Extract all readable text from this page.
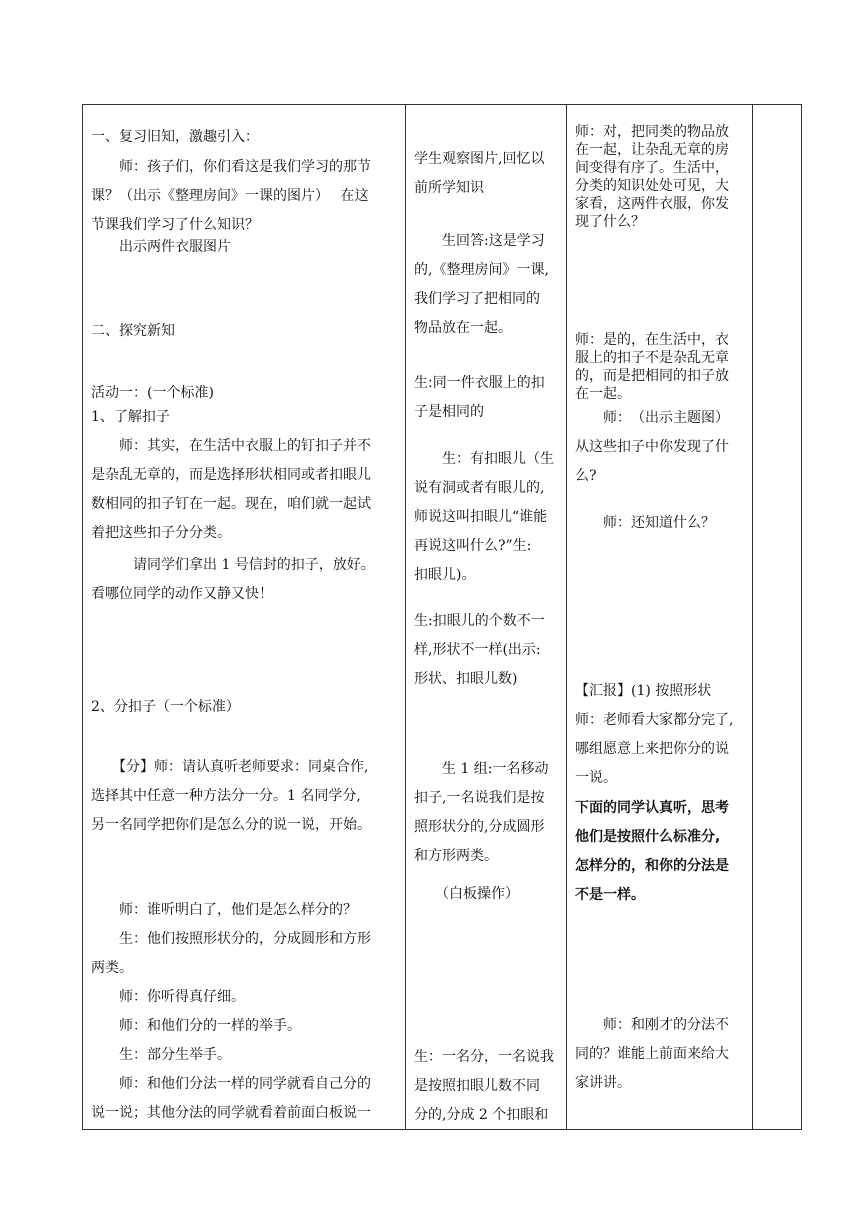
一、复习旧知，激趣引入：
　　师：孩子们，你们看这是我们学习的那节
课？（出示《整理房间》一课的图片）　 在这
节课我们学习了什么知识？
　　出示两件衣服图片
二、探究新知
活动一：(一个标准)
1、了解扣子
　　师：其实，在生活中衣服上的钉扣子并不
是杂乱无章的，而是选择形状相同或者扣眼儿
数相同的扣子钉在一起。现在，咱们就一起试
着把这些扣子分分类。
　　　请同学们拿出 1 号信封的扣子，放好。
看哪位同学的动作又静又快！
2、分扣子（一个标准）
　　【分】师：请认真听老师要求：同桌合作,
选择其中任意一种方法分一分。1 名同学分,
另一名同学把你们是怎么分的说一说，开始。
　　师：谁听明白了，他们是怎么样分的？
　　生：他们按照形状分的，分成圆形和方形
两类。
　　师：你听得真仔细。
　　师：和他们分的一样的举手。
　　生：部分生举手。
　　师：和他们分法一样的同学就看自己分的
说一说；其他分法的同学就看着前面白板说一

学生观察图片,回忆以
前所学知识
　　生回答:这是学习
的,《整理房间》一课,
我们学习了把相同的
物品放在一起。
生:同一件衣服上的扣
子是相同的
　　生：有扣眼儿（生
说有洞或者有眼儿的,
师说这叫扣眼儿“谁能
再说这叫什么?”生:
扣眼儿)。
生:扣眼儿的个数不一
样,形状不一样(出示:
形状、扣眼儿数)
　　生 1 组:一名移动
扣子,一名说我们是按
照形状分的,分成圆形
和方形两类。
　　（白板操作）
生：一名分，一名说我
是按照扣眼儿数不同
分的,分成 2 个扣眼和

师：对，把同类的物品放
在一起，让杂乱无章的房
间变得有序了。生活中，
分类的知识处处可见，大
家看，这两件衣服，你发
现了什么？
师：是的，在生活中，衣
服上的扣子不是杂乱无章
的，而是把相同的扣子放
在一起。
　　师：　（出示主题图）
从这些扣子中你发现了什
么?
　　师：还知道什么？
【汇报】(1) 按照形状
师：老师看大家都分完了,
哪组愿意上来把你分的说
一说。
下面的同学认真听，思考
他们是按照什么标准分,
怎样分的，和你的分法是
不是一样。
　　师：和刚才的分法不
同的？谁能上前面来给大
家讲讲。
